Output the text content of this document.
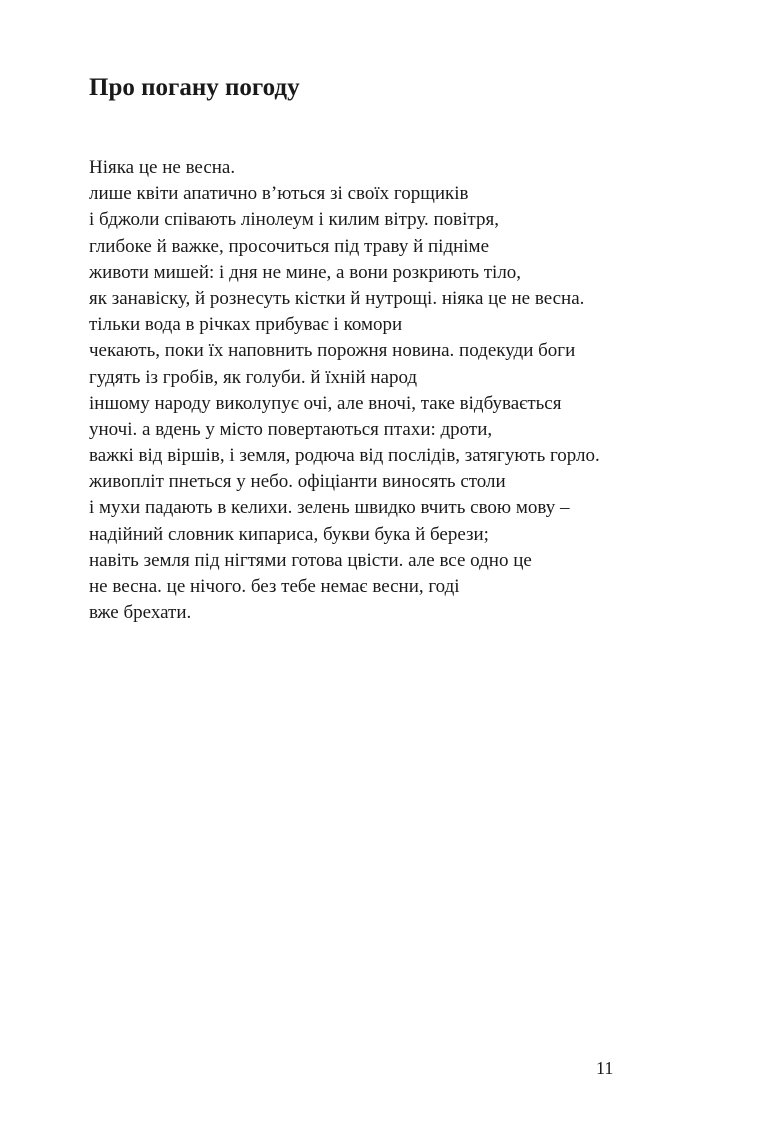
Про погану погоду
Ніяка це не весна.
лише квіти апатично в’ються зі своїх горщиків
і бджоли співають лінолеум і килим вітру. повітря,
глибоке й важке, просочиться під траву й підніме
животи мишей: і дня не мине, а вони розкриють тіло,
як занавіску, й рознесуть кістки й нутрощі. ніяка це не весна.
тільки вода в річках прибуває і комори
чекають, поки їх наповнить порожня новина. подекуди боги
гудять із гробів, як голуби. й їхній народ
іншому народу виколупує очі, але вночі, таке відбувається
уночі. а вдень у місто повертаються птахи: дроти,
важкі від віршів, і земля, родюча від послідів, затягують горло.
живопліт пнеться у небо. офіціанти виносять столи
і мухи падають в келихи. зелень швидко вчить свою мову –
надійний словник кипариса, букви бука й берези;
навіть земля під нігтями готова цвісти. але все одно це
не весна. це нічого. без тебе немає весни, годі
вже брехати.
11
